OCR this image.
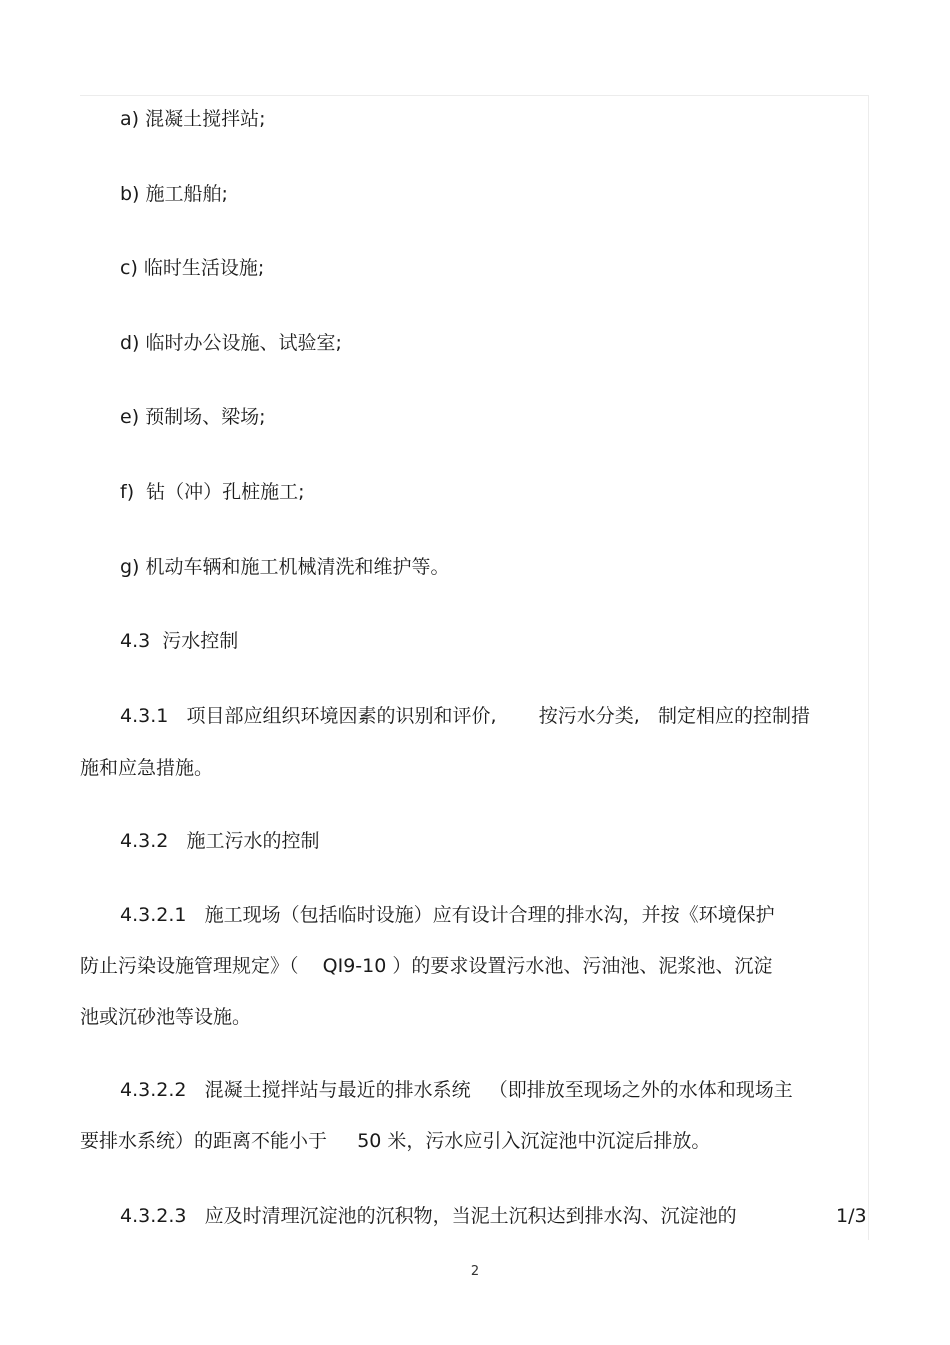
a) 混凝土搅拌站;

b) 施工船舶;

c) 临时生活设施;

d) 临时办公设施、试验室;

e) 预制场、梁场;

f)  钻（冲）孔桩施工;

g) 机动车辆和施工机械清洗和维护等。

4.3  污水控制

4.3.1   项目部应组织环境因素的识别和评价,       按污水分类,   制定相应的控制措

施和应急措施。

4.3.2   施工污水的控制

4.3.2.1   施工现场（包括临时设施）应有设计合理的排水沟，并按《环境保护

防止污染设施管理规定》（    QI9-10 ）的要求设置污水池、污油池、泥浆池、沉淀

池或沉砂池等设施。

4.3.2.2   混凝土搅拌站与最近的排水系统   （即排放至现场之外的水体和现场主

要排水系统）的距离不能小于     50 米，污水应引入沉淀池中沉淀后排放。

4.3.2.3   应及时清理沉淀池的沉积物，当泥土沉积达到排水沟、沉淀池的	1/3

2
